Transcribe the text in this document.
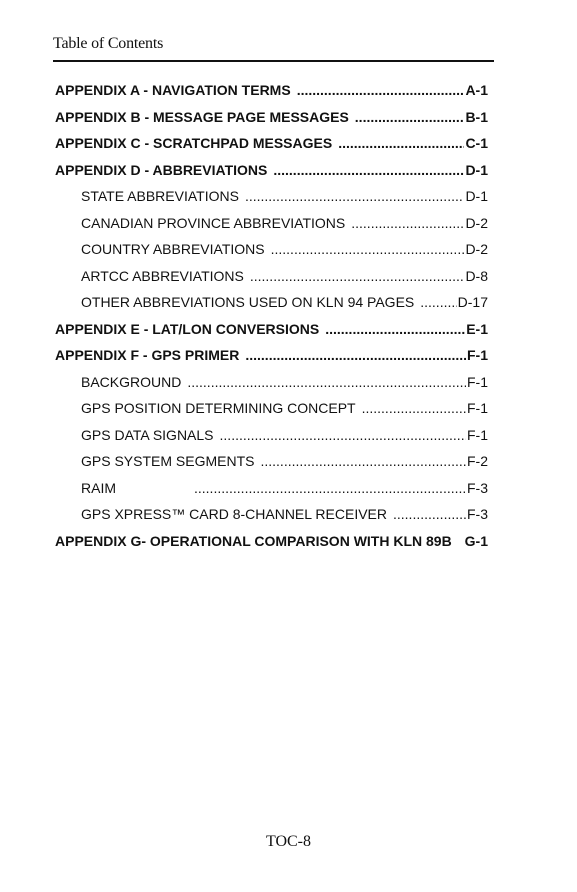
Table of Contents
APPENDIX A - NAVIGATION TERMS .....	A-1
APPENDIX B - MESSAGE PAGE MESSAGES .....	B-1
APPENDIX C - SCRATCHPAD MESSAGES .....	C-1
APPENDIX D - ABBREVIATIONS .....	D-1
STATE ABBREVIATIONS .....	D-1
CANADIAN PROVINCE ABBREVIATIONS .....	D-2
COUNTRY ABBREVIATIONS .....	D-2
ARTCC ABBREVIATIONS .....	D-8
OTHER ABBREVIATIONS USED ON KLN 94 PAGES .....	D-17
APPENDIX E - LAT/LON CONVERSIONS .....	E-1
APPENDIX F - GPS PRIMER .....	F-1
BACKGROUND .....	F-1
GPS POSITION DETERMINING CONCEPT .....	F-1
GPS DATA SIGNALS .....	F-1
GPS SYSTEM SEGMENTS .....	F-2
RAIM .....	F-3
GPS XPRESS™ CARD 8-CHANNEL RECEIVER .....	F-3
APPENDIX G- OPERATIONAL COMPARISON WITH KLN 89B G-1
TOC-8
